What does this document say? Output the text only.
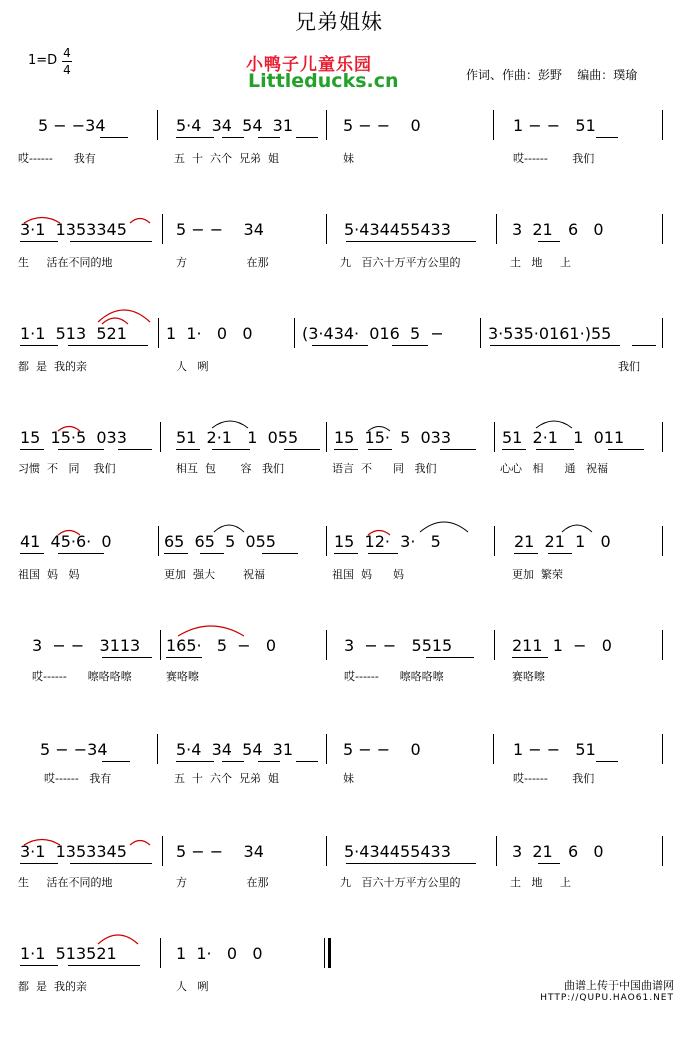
兄弟姐妹
1=D 4
4	小鸭子儿童乐园
Littleducks.cn	作词、作曲：彭野    编曲：璞瑜
5 − −34	5·4  34  54  31	5 − −    0	1 − −   51
哎------      我有	五  十  六个  兄弟  姐	妹	哎------       我们
3·1  1353345	5 − −    34	5·434455433	3  21   6   0
生     活在不同的地	方                 在那	九   百六十万平方公里的	土   地     上
1·1  513  521 1  1·   0   0	(3·434·  016  5  −	3·535·0161·)55
都  是  我的亲	人   咧	我们
15  15·5  033	51  2·1   1  055 15  15·  5  033	51  2·1   1  011
习惯  不   同    我们	相互  包       容   我们	语言  不      同   我们	心心   相      通   祝福
41  45·6·  0	65  65  5  055	15  12·  3·   5	21  21  1   0
祖国  妈   妈	更加  强大        祝福	祖国  妈      妈	更加  繁荣
3  − −   3113 165·   5  −   0	3  − −   5515	211  1  −   0
哎------      嚓咯咯嚓	赛咯嚓	哎------      嚓咯咯嚓	赛咯嚓
5 − −34	5·4  34  54  31	5 − −    0	1 − −   51
哎------   我有	五  十  六个  兄弟  姐	妹	哎------       我们
3·1  1353345	5 − −    34	5·434455433	3  21   6   0
生     活在不同的地	方                 在那	九   百六十万平方公里的	土   地     上
1·1  513521	1  1·   0   0
都  是  我的亲	人   咧	曲谱上传于中国曲谱网
HTTP://QUPU.HAO61.NET
